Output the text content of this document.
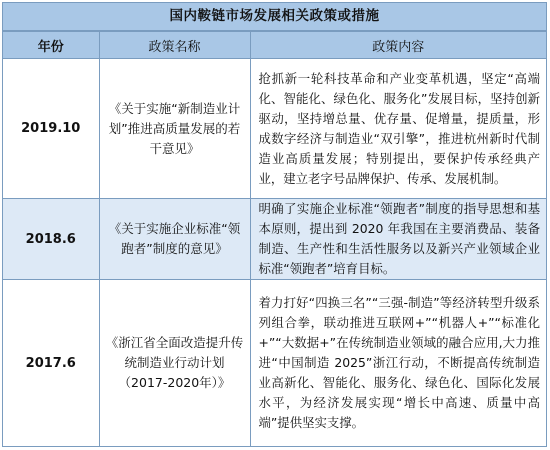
国内鞍链市场发展相关政策或措施
年份	政策名称	政策内容
2019.10	《关于实施“新制造业计划”推进高质量发展的若干意见》	抢抓新一轮科技革命和产业变革机遇，坚定“高端化、智能化、绿色化、服务化”发展目标，坚持创新驱动，坚持增总量、优存量、促增量，提质量，形成数字经济与制造业“双引擎”，推进杭州新时代制造业高质量发展；特别提出，要保护传承经典产业，建立老字号品牌保护、传承、发展机制。
2018.6	《关于实施企业标准“领跑者”制度的意见》	明确了实施企业标准“领跑者”制度的指导思想和基本原则，提出到 2020 年我国在主要消费品、装备制造、生产性和生活性服务以及新兴产业领域企业标准“领跑者”培育目标。
2017.6	《浙江省全面改造提升传统制造业行动计划（2017-2020年）》	着力打好“四换三名”“三强-制造”等经济转型升级系列组合拳，联动推进互联网+”“机器人+”“标准化+”“大数据+”在传统制造业领域的融合应用,大力推进“中国制造 2025”浙江行动，不断提高传统制造业高新化、智能化、服务化、绿色化、国际化发展水平，为经济发展实现“增长中高速、质量中高端”提供坚实支撑。
